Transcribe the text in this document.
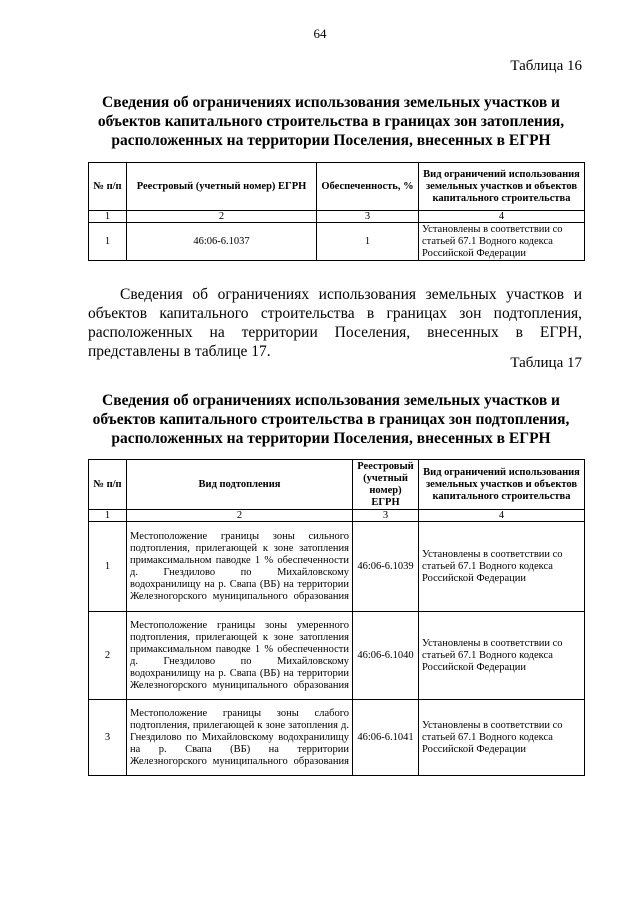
64
Таблица 16
Сведения об ограничениях использования земельных участков и объектов капитального строительства в границах зон затопления, расположенных на территории Поселения, внесенных в ЕГРН
№ п/п	Реестровый (учетный номер) ЕГРН	Обеспеченность, %	Вид ограничений использования земельных участков и объектов капитального строительства
1	2	3	4
1	46:06-6.1037	1	Установлены в соответствии со статьей 67.1 Водного кодекса Российской Федерации

Сведения об ограничениях использования земельных участков и объектов капитального строительства в границах зон подтопления, расположенных на территории Поселения, внесенных в ЕГРН, представлены в таблице 17.

Таблица 17
Сведения об ограничениях использования земельных участков и объектов капитального строительства в границах зон подтопления, расположенных на территории Поселения, внесенных в ЕГРН
№ п/п	Вид подтопления	Реестровый (учетный номер) ЕГРН	Вид ограничений использования земельных участков и объектов капитального строительства
1	2	3	4
1	Местоположение границы зоны сильного подтопления, прилегающей к зоне затопления примаксимальном паводке 1 % обеспеченности д. Гнездилово по Михайловскому водохранилищу на р. Свапа (ВБ) на территории Железногорского муниципального образования	46:06-6.1039	Установлены в соответствии со статьей 67.1 Водного кодекса Российской Федерации
2	Местоположение границы зоны умеренного подтопления, прилегающей к зоне затопления примаксимальном паводке 1 % обеспеченности д. Гнездилово по Михайловскому водохранилищу на р. Свапа (ВБ) на территории Железногорского муниципального образования	46:06-6.1040	Установлены в соответствии со статьей 67.1 Водного кодекса Российской Федерации
3	Местоположение границы зоны слабого подтопления, прилегающей к зоне затопления д. Гнездилово по Михайловскому водохранилищу на р. Свапа (ВБ) на территории Железногорского муниципального образования	46:06-6.1041	Установлены в соответствии со статьей 67.1 Водного кодекса Российской Федерации
